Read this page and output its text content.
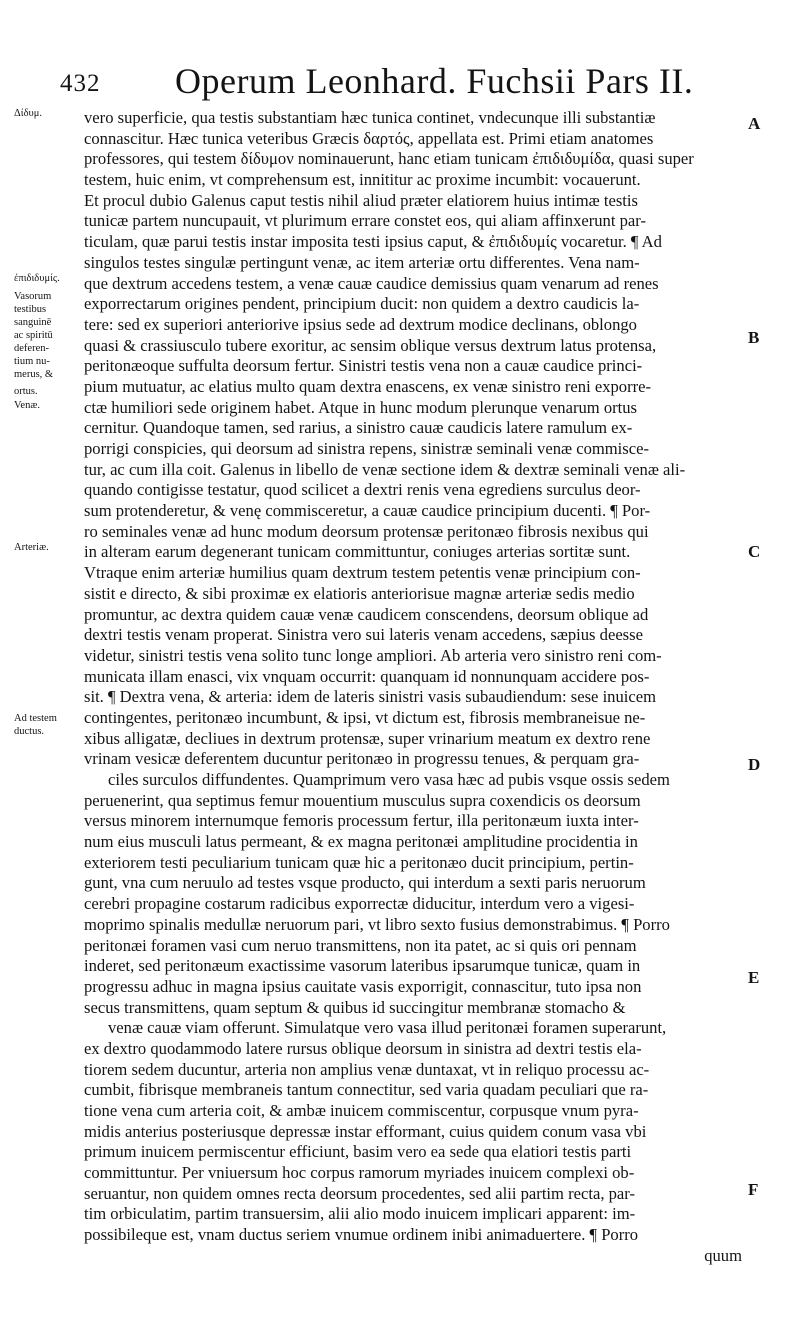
432 Operum Leonhard. Fuchsii Pars II.
Δίδυμ.
ἐπιδιδυμίς.
Vasorum
testibus
sanguinē
ac spiritū
deferen-
tium nu-
merus, &
ortus.
Venæ.
Arteriæ.
Ad testem
ductus.
vero superficie, qua testis substantiam hæc tunica continet, vndecunque illi substantiæ
connascitur. Hæc tunica veteribus Græcis δαρτός, appellata est. Primi etiam anatomes
professores, qui testem δίδυμον nominauerunt, hanc etiam tunicam ἐπιδιδυμίδα, quasi super
testem, huic enim, vt comprehensum est, innititur ac proxime incumbit: vocauerunt.
Et procul dubio Galenus caput testis nihil aliud præter elatiorem huius intimæ testis
tunicæ partem nuncupauit, vt plurimum errare constet eos, qui aliam affinxerunt par-
ticulam, quæ parui testis instar imposita testi ipsius caput, & ἐπιδιδυμίς vocaretur. ¶ Ad
singulos testes singulæ pertingunt venæ, ac item arteriæ ortu differentes. Vena nam-
que dextrum accedens testem, a venæ cauæ caudice demissius quam venarum ad renes
exporrectarum origines pendent, principium ducit: non quidem a dextro caudicis la-
tere: sed ex superiori anteriorive ipsius sede ad dextrum modice declinans, oblongo
quasi & crassiusculo tubere exoritur, ac sensim oblique versus dextrum latus protensa,
peritonæoque suffulta deorsum fertur. Sinistri testis vena non a cauæ caudice princi-
pium mutuatur, ac elatius multo quam dextra enascens, ex venæ sinistro reni exporre-
ctæ humiliori sede originem habet. Atque in hunc modum plerunque venarum ortus
cernitur. Quandoque tamen, sed rarius, a sinistro cauæ caudicis latere ramulum ex-
porrigi conspicies, qui deorsum ad sinistra repens, sinistræ seminali venæ commisce-
tur, ac cum illa coit. Galenus in libello de venæ sectione idem & dextræ seminali venæ ali-
quando contigisse testatur, quod scilicet a dextri renis vena egrediens surculus deor-
sum protenderetur, & venę commisceretur, a cauæ caudice principium ducenti. ¶ Por-
ro seminales venæ ad hunc modum deorsum protensæ peritonæo fibrosis nexibus qui
in alteram earum degenerant tunicam committuntur, coniuges arterias sortitæ sunt.
Vtraque enim arteriæ humilius quam dextrum testem petentis venæ principium con-
sistit e directo, & sibi proximæ ex elatioris anteriorisue magnæ arteriæ sedis medio
promuntur, ac dextra quidem cauæ venæ caudicem conscendens, deorsum oblique ad
dextri testis venam properat. Sinistra vero sui lateris venam accedens, sæpius deesse
videtur, sinistri testis vena solito tunc longe ampliori. Ab arteria vero sinistro reni com-
municata illam enasci, vix vnquam occurrit: quanquam id nonnunquam accidere pos-
sit. ¶ Dextra vena, & arteria: idem de lateris sinistri vasis subaudiendum: sese inuicem
contingentes, peritonæo incumbunt, & ipsi, vt dictum est, fibrosis membraneisue ne-
xibus alligatæ, decliues in dextrum protensæ, super vrinarium meatum ex dextro rene
vrinam vesicæ deferentem ducuntur peritonæo in progressu tenues, & perquam gra-
ciles surculos diffundentes. Quamprimum vero vasa hæc ad pubis vsque ossis sedem
peruenerint, qua septimus femur mouentium musculus supra coxendicis os deorsum
versus minorem internumque femoris processum fertur, illa peritonæum iuxta inter-
num eius musculi latus permeant, & ex magna peritonæi amplitudine procidentia in
exteriorem testi peculiarium tunicam quæ hic a peritonæo ducit principium, pertin-
gunt, vna cum neruulo ad testes vsque producto, qui interdum a sexti paris neruorum
cerebri propagine costarum radicibus exporrectæ diducitur, interdum vero a vigesi-
moprimo spinalis medullæ neruorum pari, vt libro sexto fusius demonstrabimus. ¶ Porro
peritonæi foramen vasi cum neruo transmittens, non ita patet, ac si quis ori pennam
inderet, sed peritonæum exactissime vasorum lateribus ipsarumque tunicæ, quam in
progressu adhuc in magna ipsius cauitate vasis exporrigit, connascitur, tuto ipsa non
secus transmittens, quam septum & quibus id succingitur membranæ stomacho &
venæ cauæ viam offerunt. Simulatque vero vasa illud peritonæi foramen superarunt,
ex dextro quodammodo latere rursus oblique deorsum in sinistra ad dextri testis ela-
tiorem sedem ducuntur, arteria non amplius venæ duntaxat, vt in reliquo processu ac-
cumbit, fibrisque membraneis tantum connectitur, sed varia quadam peculiari que ra-
tione vena cum arteria coit, & ambæ inuicem commiscentur, corpusque vnum pyra-
midis anterius posteriusque depressæ instar efformant, cuius quidem conum vasa vbi
primum inuicem permiscentur efficiunt, basim vero ea sede qua elatiori testis parti
committuntur. Per vniuersum hoc corpus ramorum myriades inuicem complexi ob-
seruantur, non quidem omnes recta deorsum procedentes, sed alii partim recta, par-
tim orbiculatim, partim transuersim, alii alio modo inuicem implicari apparent: im-
possibileque est, vnam ductus seriem vnumue ordinem inibi animaduertere. ¶ Porro
quum
A
B
C
D
E
F
